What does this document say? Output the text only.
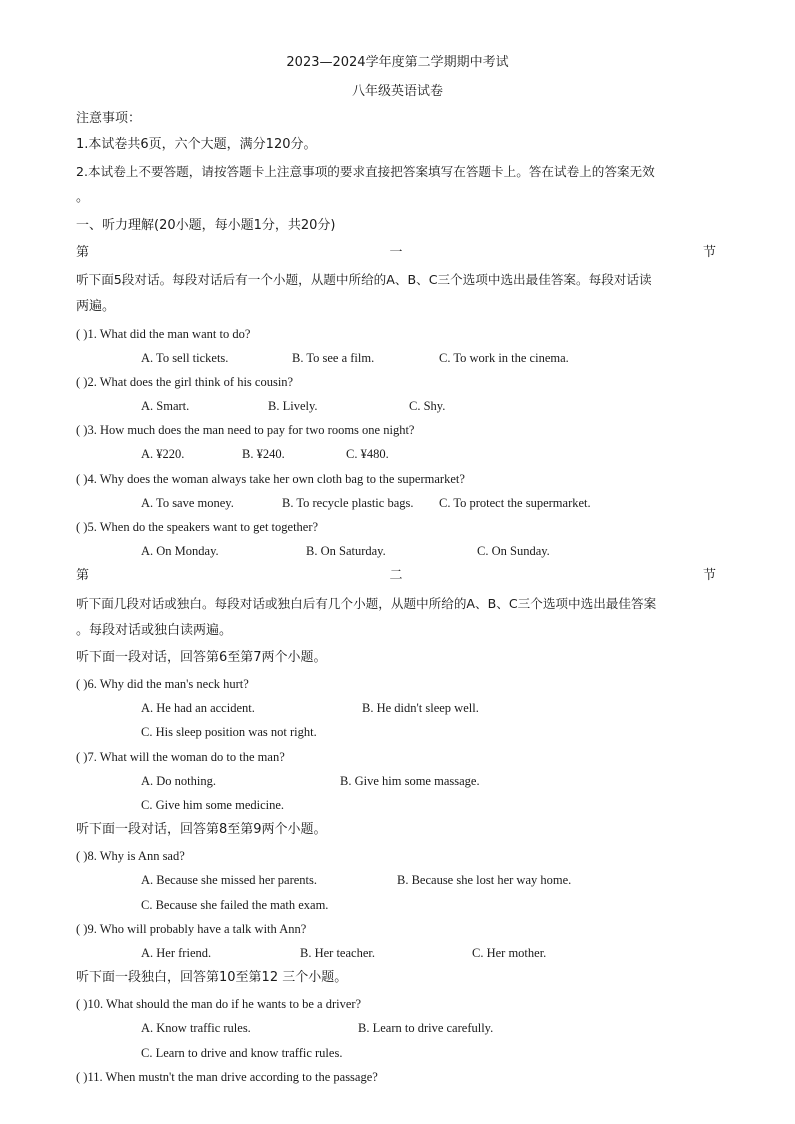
2023—2024学年度第二学期期中考试
八年级英语试卷
注意事项：
1.本试卷共6页，六个大题，满分120分。
2.本试卷上不要答题，请按答题卡上注意事项的要求直接把答案填写在答题卡上。答在试卷上的答案无效
。
一、听力理解(20小题，每小题1分，共20分)
第	一	节
听下面5段对话。每段对话后有一个小题，从题中所给的A、B、C三个选项中选出最佳答案。每段对话读
两遍。
( )1. What did the man want to do?
A. To sell tickets.	B. To see a film.	C. To work in the cinema.
( )2. What does the girl think of his cousin?
A. Smart.	B. Lively.	C. Shy.
( )3. How much does the man need to pay for two rooms one night?
A. ¥220.	B. ¥240.	C. ¥480.
( )4. Why does the woman always take her own cloth bag to the supermarket?
A. To save money.	B. To recycle plastic bags. C. To protect the supermarket.
( )5. When do the speakers want to get together?
A. On Monday.	B. On Saturday.	C. On Sunday.
第	二	节
听下面几段对话或独白。每段对话或独白后有几个小题，从题中所给的A、B、C三个选项中选出最佳答案
。每段对话或独白读两遍。
听下面一段对话，回答第6至第7两个小题。
( )6. Why did the man's neck hurt?
A. He had an accident.	B. He didn't sleep well.
C. His sleep position was not right.
( )7. What will the woman do to the man?
A. Do nothing.	B. Give him some massage.
C. Give him some medicine.
听下面一段对话，回答第8至第9两个小题。
( )8. Why is Ann sad?
A. Because she missed her parents.	B. Because she lost her way home.
C. Because she failed the math exam.
( )9. Who will probably have a talk with Ann?
A. Her friend.	B. Her teacher.	C. Her mother.
听下面一段独白，回答第10至第12 三个小题。
( )10. What should the man do if he wants to be a driver?
A. Know traffic rules.	B. Learn to drive carefully.
C. Learn to drive and know traffic rules.
( )11. When mustn't the man drive according to the passage?
